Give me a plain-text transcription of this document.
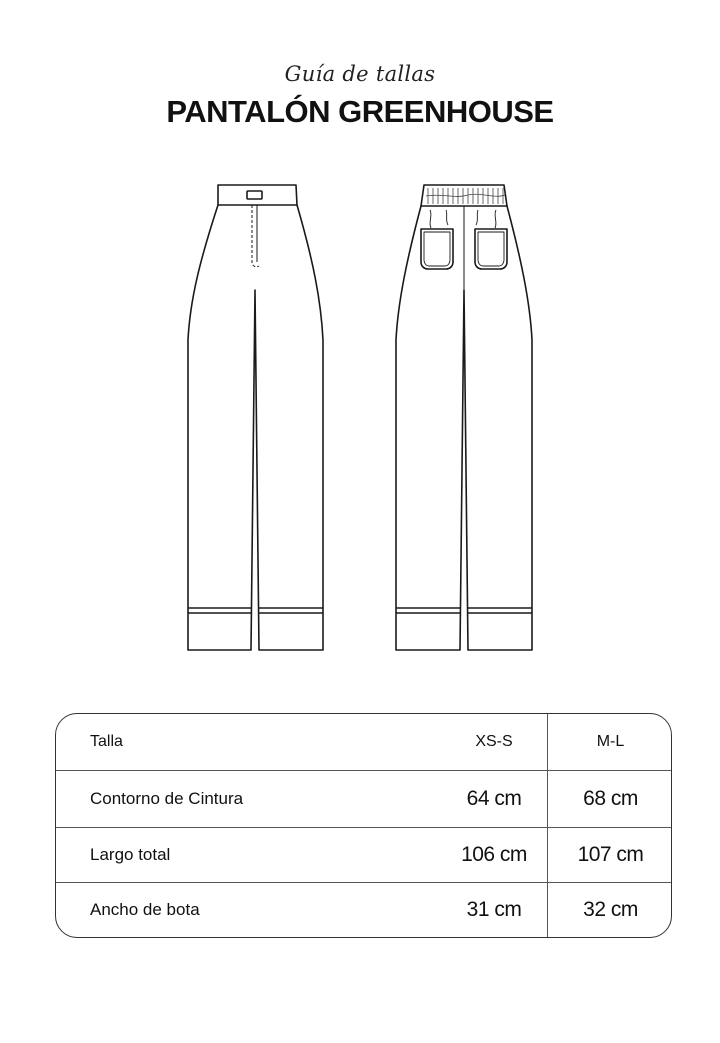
Guía de tallas
PANTALÓN GREENHOUSE
Talla	XS-S	M-L
Contorno de Cintura	64 cm	68 cm
Largo total	106 cm	107 cm
Ancho de bota	31 cm	32 cm
